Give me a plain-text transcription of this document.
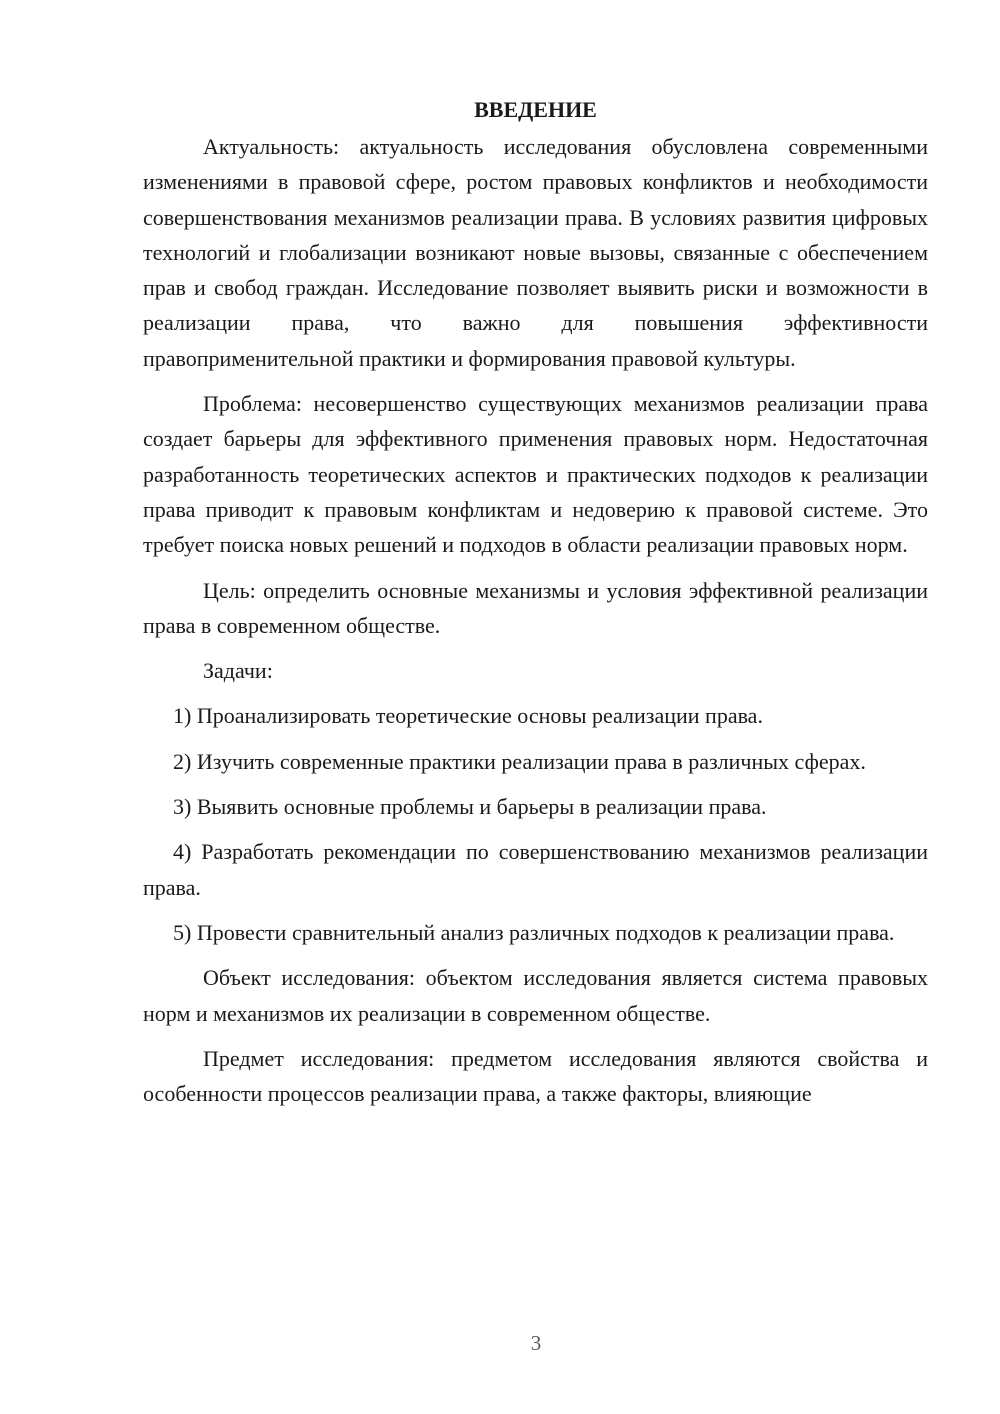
ВВЕДЕНИЕ

Актуальность: актуальность исследования обусловлена современными изменениями в правовой сфере, ростом правовых конфликтов и необходимости совершенствования механизмов реализации права. В условиях развития цифровых технологий и глобализации возникают новые вызовы, связанные с обеспечением прав и свобод граждан. Исследование позволяет выявить риски и возможности в реализации права, что важно для повышения эффективности правоприменительной практики и формирования правовой культуры.

Проблема: несовершенство существующих механизмов реализации права создает барьеры для эффективного применения правовых норм. Недостаточная разработанность теоретических аспектов и практических подходов к реализации права приводит к правовым конфликтам и недоверию к правовой системе. Это требует поиска новых решений и подходов в области реализации правовых норм.

Цель: определить основные механизмы и условия эффективной реализации права в современном обществе.

Задачи:

1) Проанализировать теоретические основы реализации права.

2) Изучить современные практики реализации права в различных сферах.

3) Выявить основные проблемы и барьеры в реализации права.

4) Разработать рекомендации по совершенствованию механизмов реализации права.

5) Провести сравнительный анализ различных подходов к реализации права.

Объект исследования: объектом исследования является система правовых норм и механизмов их реализации в современном обществе.

Предмет исследования: предметом исследования являются свойства и особенности процессов реализации права, а также факторы, влияющие

3
